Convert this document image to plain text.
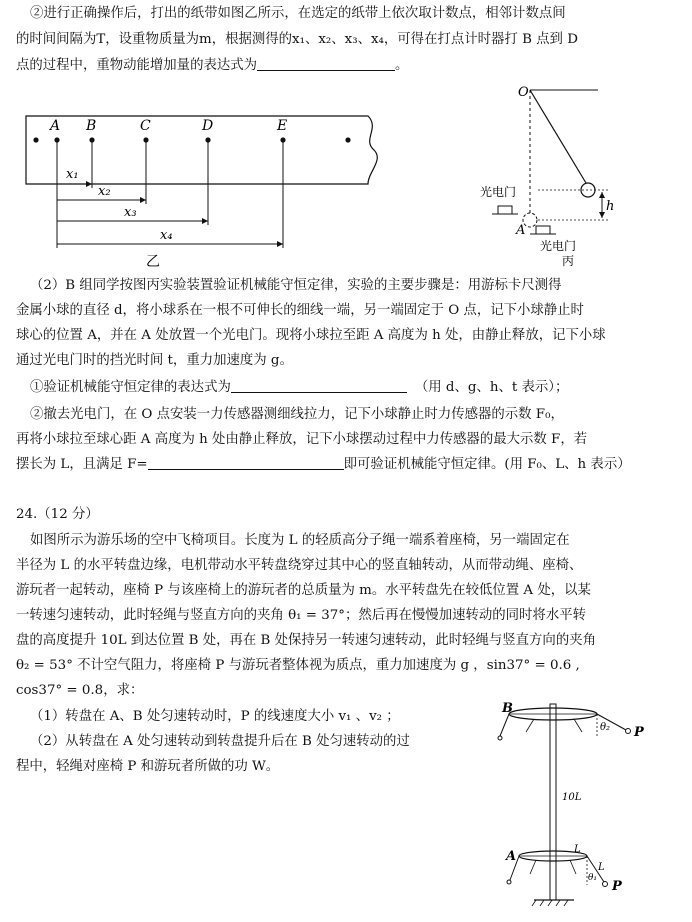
②进行正确操作后，打出的纸带如图乙所示，在选定的纸带上依次取计数点，相邻计数点间
的时间间隔为T，设重物质量为m，根据测得的x₁、x₂、x₃、x₄，可得在打点计时器打 B 点到 D
点的过程中，重物动能增加量的表达式为	。
A B	C	D	E
x₁
x₂
x₃
x₄
乙
O
h
光电门
A
光电门
丙
（2）B 组同学按图丙实验装置验证机械能守恒定律，实验的主要步骤是：用游标卡尺测得
金属小球的直径 d，将小球系在一根不可伸长的细线一端，另一端固定于 O 点，记下小球静止时
球心的位置 A，并在 A 处放置一个光电门。现将小球拉至距 A 高度为 h 处，由静止释放，记下小球
通过光电门时的挡光时间 t，重力加速度为 g。
①验证机械能守恒定律的表达式为	（用 d、g、h、t 表示）；
②撤去光电门，在 O 点安装一力传感器测细线拉力，记下小球静止时力传感器的示数 F₀，
再将小球拉至球心距 A 高度为 h 处由静止释放，记下小球摆动过程中力传感器的最大示数 F，若
摆长为 L，且满足 F=	即可验证机械能守恒定律。(用 F₀、L、h 表示）
24.（12 分）
如图所示为游乐场的空中飞椅项目。长度为 L 的轻质高分子绳一端系着座椅，另一端固定在
半径为 L 的水平转盘边缘，电机带动水平转盘绕穿过其中心的竖直轴转动，从而带动绳、座椅、
游玩者一起转动，座椅 P 与该座椅上的游玩者的总质量为 m。水平转盘先在较低位置 A 处，以某
一转速匀速转动，此时轻绳与竖直方向的夹角 θ₁ = 37°；然后再在慢慢加速转动的同时将水平转
盘的高度提升 10L 到达位置 B 处，再在 B 处保持另一转速匀速转动，此时轻绳与竖直方向的夹角
θ₂ = 53° 不计空气阻力，将座椅 P 与游玩者整体视为质点，重力加速度为 g ，sin37° = 0.6 ,
cos37° = 0.8，求：
（1）转盘在 A、B 处匀速转动时，P 的线速度大小 v₁ 、v₂ ；
（2）从转盘在 A 处匀速转动到转盘提升后在 B 处匀速转动的过
程中，轻绳对座椅 P 和游玩者所做的功 W。
B
θ₂ P
10L
A	L
L
θ₁
P
